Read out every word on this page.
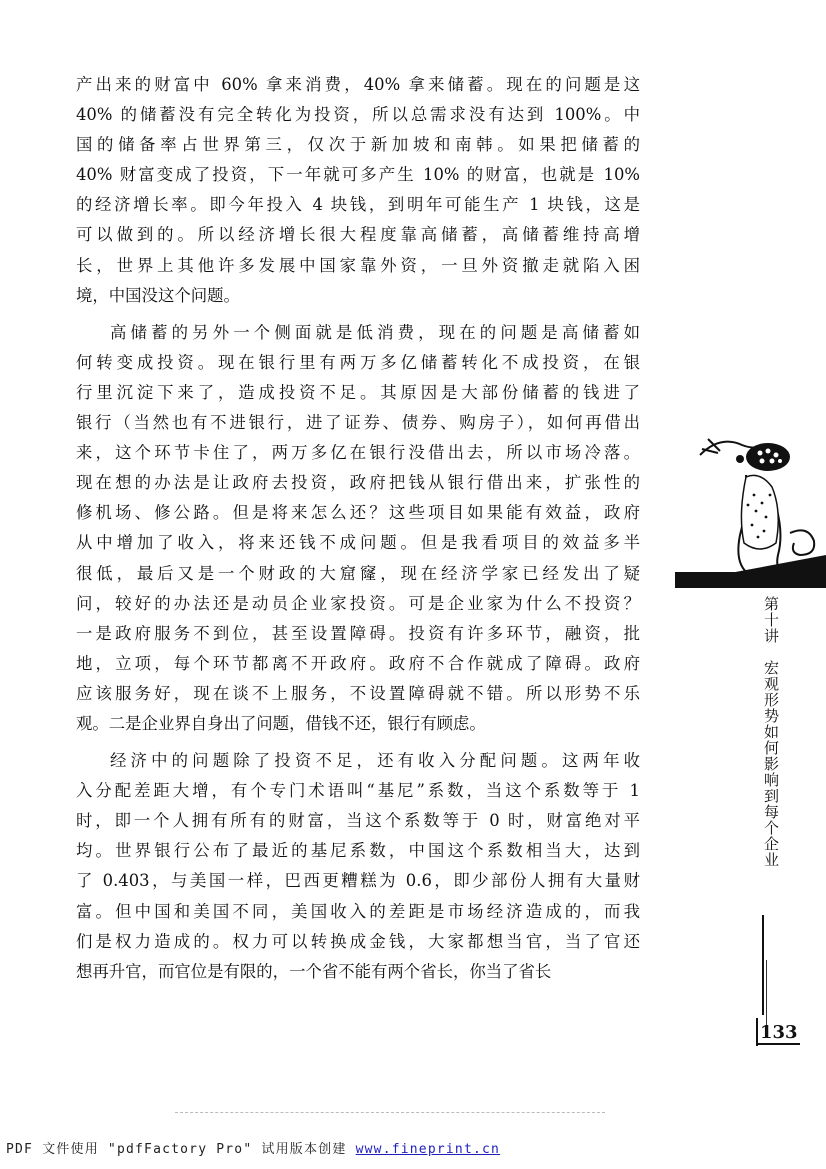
产出来的财富中 60% 拿来消费，40% 拿来储蓄。现在的问题是这
40% 的储蓄没有完全转化为投资，所以总需求没有达到 100%。中
国的储备率占世界第三，仅次于新加坡和南韩。如果把储蓄的
40% 财富变成了投资，下一年就可多产生 10% 的财富，也就是 10%
的经济增长率。即今年投入 4 块钱，到明年可能生产 1 块钱，这是
可以做到的。所以经济增长很大程度靠高储蓄，高储蓄维持高增
长，世界上其他许多发展中国家靠外资，一旦外资撤走就陷入困
境，中国没这个问题。
高储蓄的另外一个侧面就是低消费，现在的问题是高储蓄如
何转变成投资。现在银行里有两万多亿储蓄转化不成投资，在银
行里沉淀下来了，造成投资不足。其原因是大部份储蓄的钱进了
银行（当然也有不进银行，进了证券、债券、购房子），如何再借出
来，这个环节卡住了，两万多亿在银行没借出去，所以市场冷落。
现在想的办法是让政府去投资，政府把钱从银行借出来，扩张性的
修机场、修公路。但是将来怎么还？这些项目如果能有效益，政府
从中增加了收入，将来还钱不成问题。但是我看项目的效益多半
很低，最后又是一个财政的大窟窿，现在经济学家已经发出了疑
问，较好的办法还是动员企业家投资。可是企业家为什么不投资？
一是政府服务不到位，甚至设置障碍。投资有许多环节，融资，批
地，立项，每个环节都离不开政府。政府不合作就成了障碍。政府
应该服务好，现在谈不上服务，不设置障碍就不错。所以形势不乐
观。二是企业界自身出了问题，借钱不还，银行有顾虑。
经济中的问题除了投资不足，还有收入分配问题。这两年收
入分配差距大增，有个专门术语叫“基尼”系数，当这个系数等于 1
时，即一个人拥有所有的财富，当这个系数等于 0 时，财富绝对平
均。世界银行公布了最近的基尼系数，中国这个系数相当大，达到
了 0.403，与美国一样，巴西更糟糕为 0.6，即少部份人拥有大量财
富。但中国和美国不同，美国收入的差距是市场经济造成的，而我
们是权力造成的。权力可以转换成金钱，大家都想当官，当了官还
想再升官，而官位是有限的，一个省不能有两个省长，你当了省长
第十讲　宏观形势如何影响到每个企业
133
PDF 文件使用 "pdfFactory Pro" 试用版本创建 www.fineprint.cn
